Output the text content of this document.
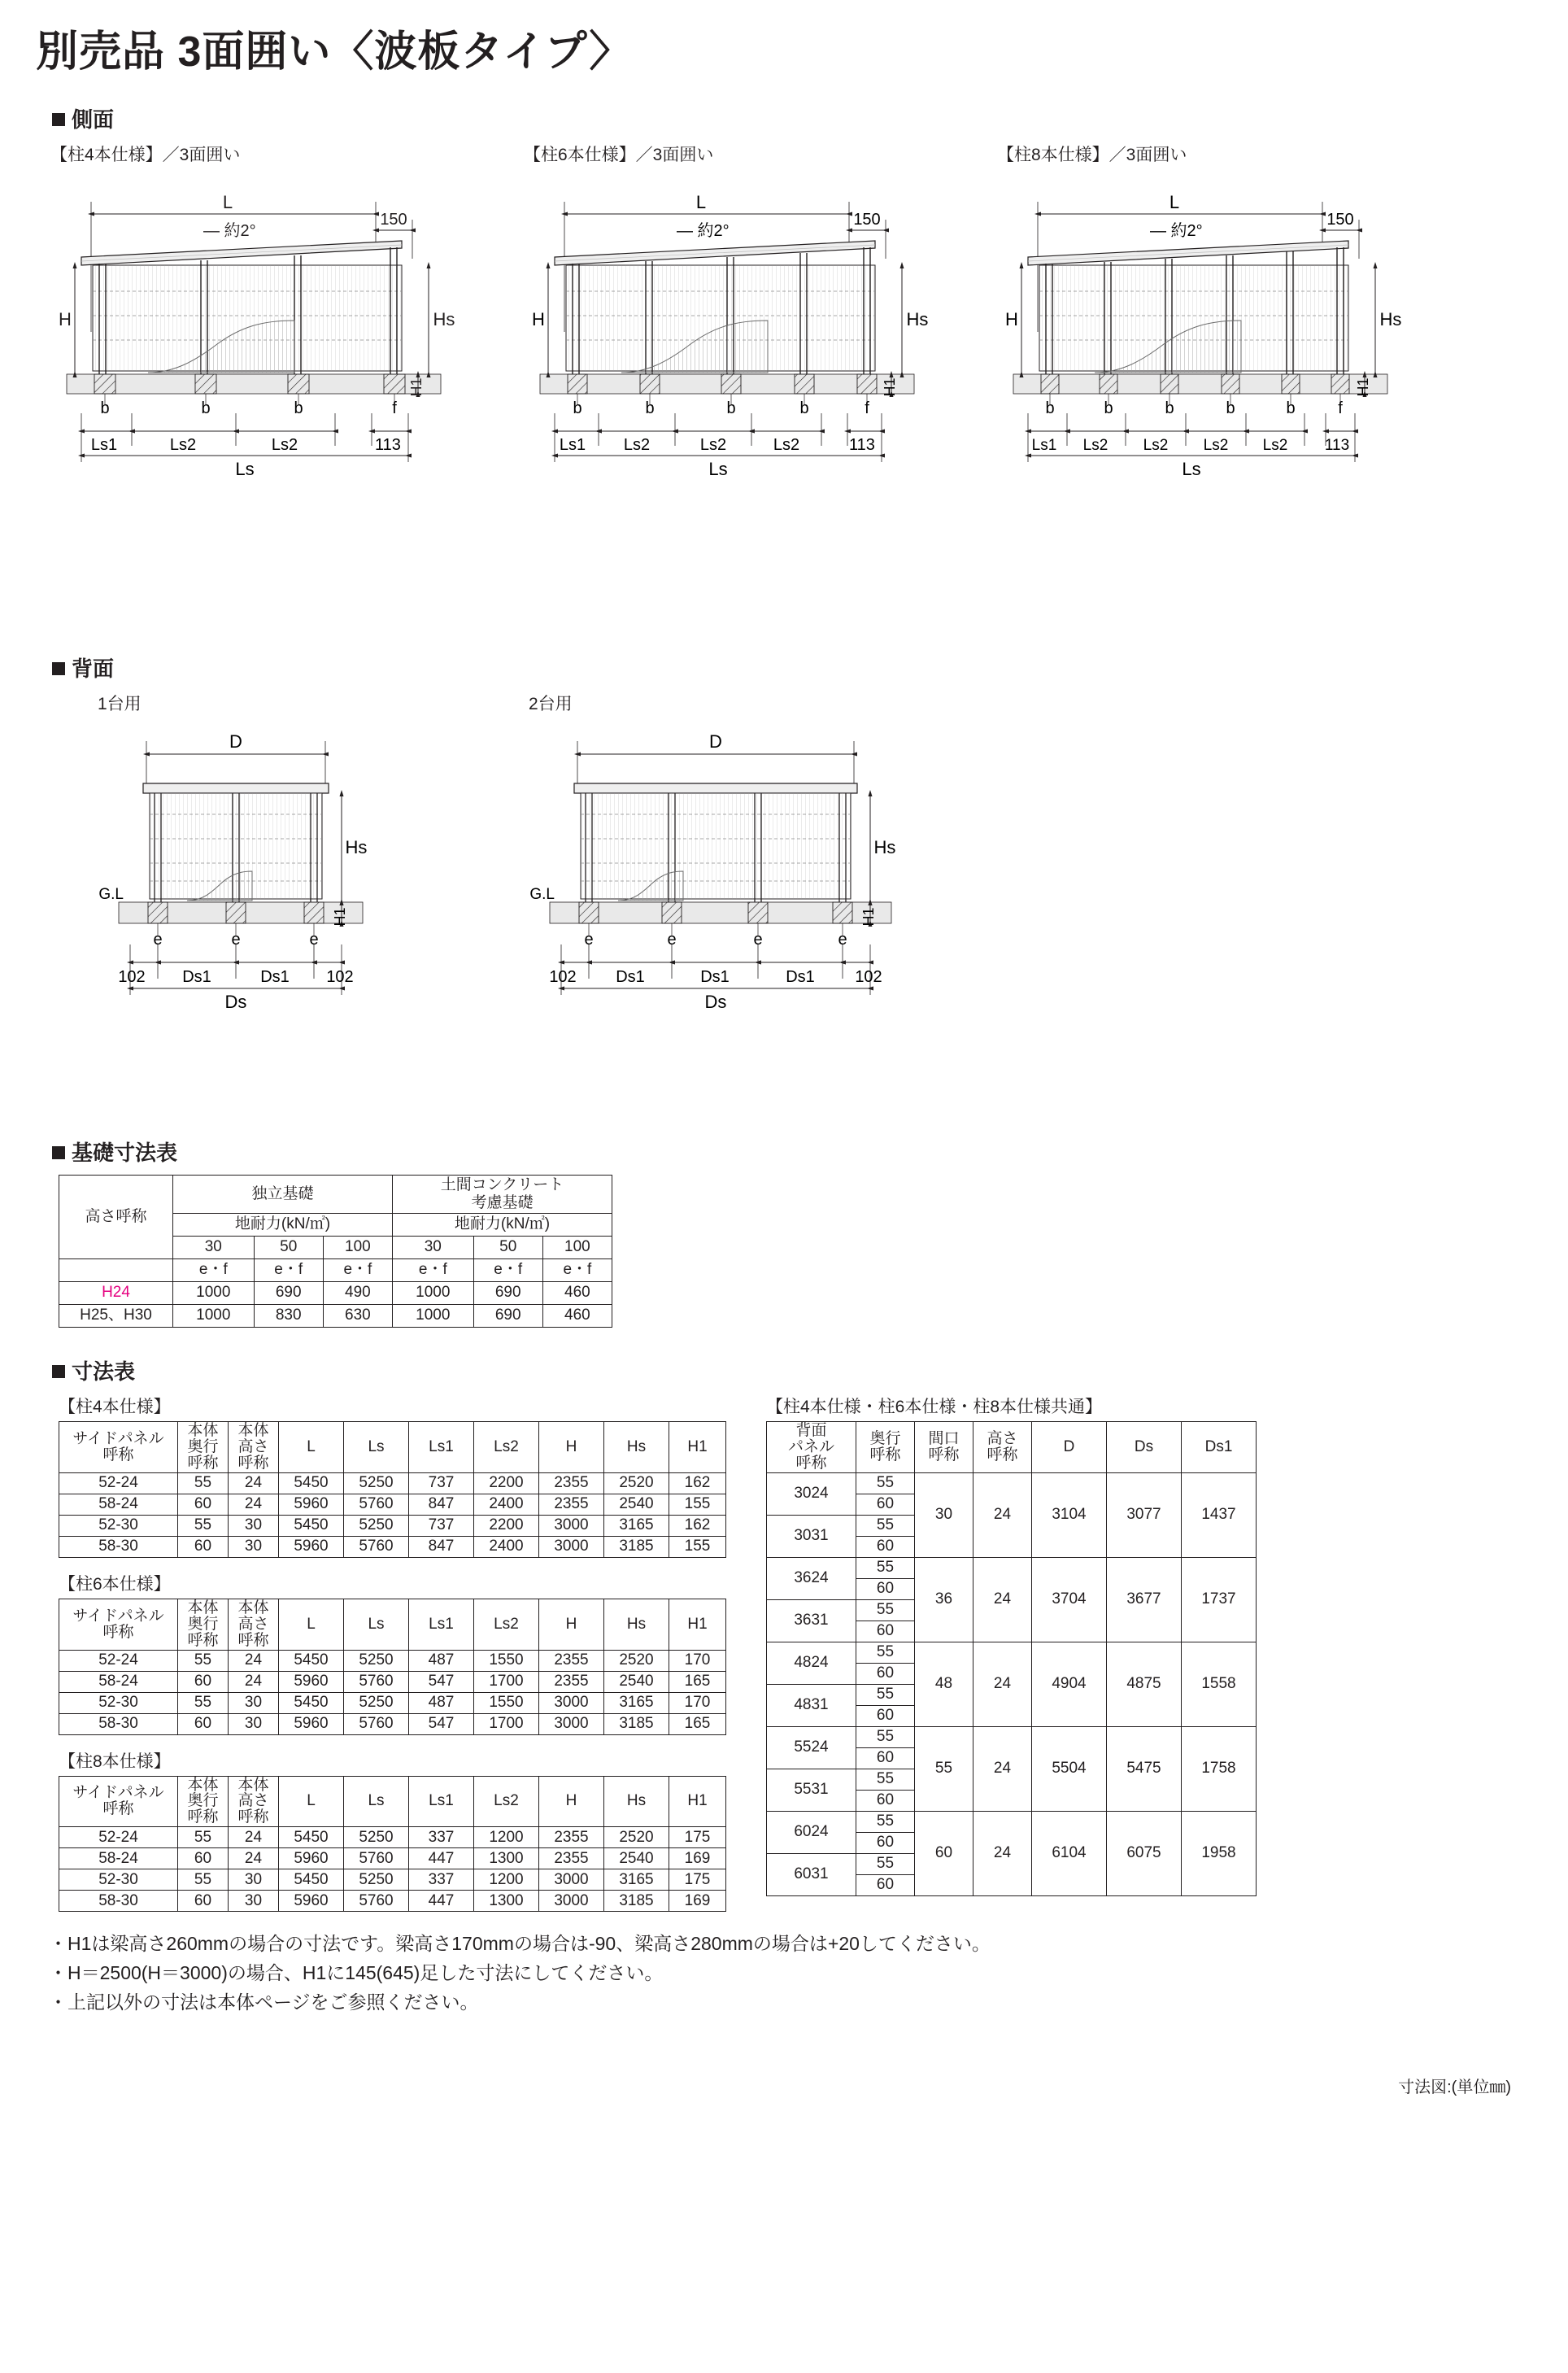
別売品 3面囲い〈波板タイプ〉
側面
【柱4本仕様】／3面囲い
L
150
― 約2°
H	Hs
H1
b	b	b	f
Ls1	Ls2	Ls2	113
Ls
【柱6本仕様】／3面囲い
L
150
― 約2°
H	Hs
H1
b	b	b	b	f
Ls1 Ls2	Ls2	Ls2	113
Ls
【柱8本仕様】／3面囲い
L
150
― 約2°
H	Hs
H1
b	b	b	b	b	f
Ls1 Ls2 Ls2 Ls2 Ls2 113
Ls
背面
1台用
D
G.L
Hs
H1
e	e	e
102 Ds1	Ds1 102
Ds
2台用
D
G.L
Hs
H1
e	e	e	e
102 Ds1	Ds1	Ds1 102
Ds
基礎寸法表
高さ呼称	独立基礎			土間コンクリート
考慮基礎		
	地耐力(kN/㎡)			地耐力(kN/㎡)		
	30	50	100	30	50	100
	e・f	e・f	e・f	e・f	e・f	e・f
H24	1000	690	490	1000	690	460
H25、H30	1000	830	630	1000	690	460
寸法表
【柱4本仕様】
サイドパネル
呼称	本体
奥行
呼称	本体
高さ
呼称	L	Ls	Ls1	Ls2	H	Hs	H1
52-24	55	24	5450	5250	737	2200	2355	2520	162
58-24	60	24	5960	5760	847	2400	2355	2540	155
52-30	55	30	5450	5250	737	2200	3000	3165	162
58-30	60	30	5960	5760	847	2400	3000	3185	155
【柱6本仕様】
サイドパネル
呼称	本体
奥行
呼称	本体
高さ
呼称	L	Ls	Ls1	Ls2	H	Hs	H1
52-24	55	24	5450	5250	487	1550	2355	2520	170
58-24	60	24	5960	5760	547	1700	2355	2540	165
52-30	55	30	5450	5250	487	1550	3000	3165	170
58-30	60	30	5960	5760	547	1700	3000	3185	165
【柱8本仕様】
サイドパネル
呼称	本体
奥行
呼称	本体
高さ
呼称	L	Ls	Ls1	Ls2	H	Hs	H1
52-24	55	24	5450	5250	337	1200	2355	2520	175
58-24	60	24	5960	5760	447	1300	2355	2540	169
52-30	55	30	5450	5250	337	1200	3000	3165	175
58-30	60	30	5960	5760	447	1300	3000	3185	169
【柱4本仕様・柱6本仕様・柱8本仕様共通】
背面
パネル
呼称	奥行
呼称	間口
呼称	高さ
呼称	D	Ds	Ds1
3024	55	30	24	3104	3077	1437
	60					
3031	55					
	60					
3624	55	36	24	3704	3677	1737
	60					
3631	55					
	60					
4824	55	48	24	4904	4875	1558
	60					
4831	55					
	60					
5524	55	55	24	5504	5475	1758
	60					
5531	55					
	60					
6024	55	60	24	6104	6075	1958
	60					
6031	55					
	60					
・H1は梁高さ260mmの場合の寸法です。梁高さ170mmの場合は-90、梁高さ280mmの場合は+20してください。
・H＝2500(H＝3000)の場合、H1に145(645)足した寸法にしてください。
・上記以外の寸法は本体ページをご参照ください。
寸法図:(単位㎜)
